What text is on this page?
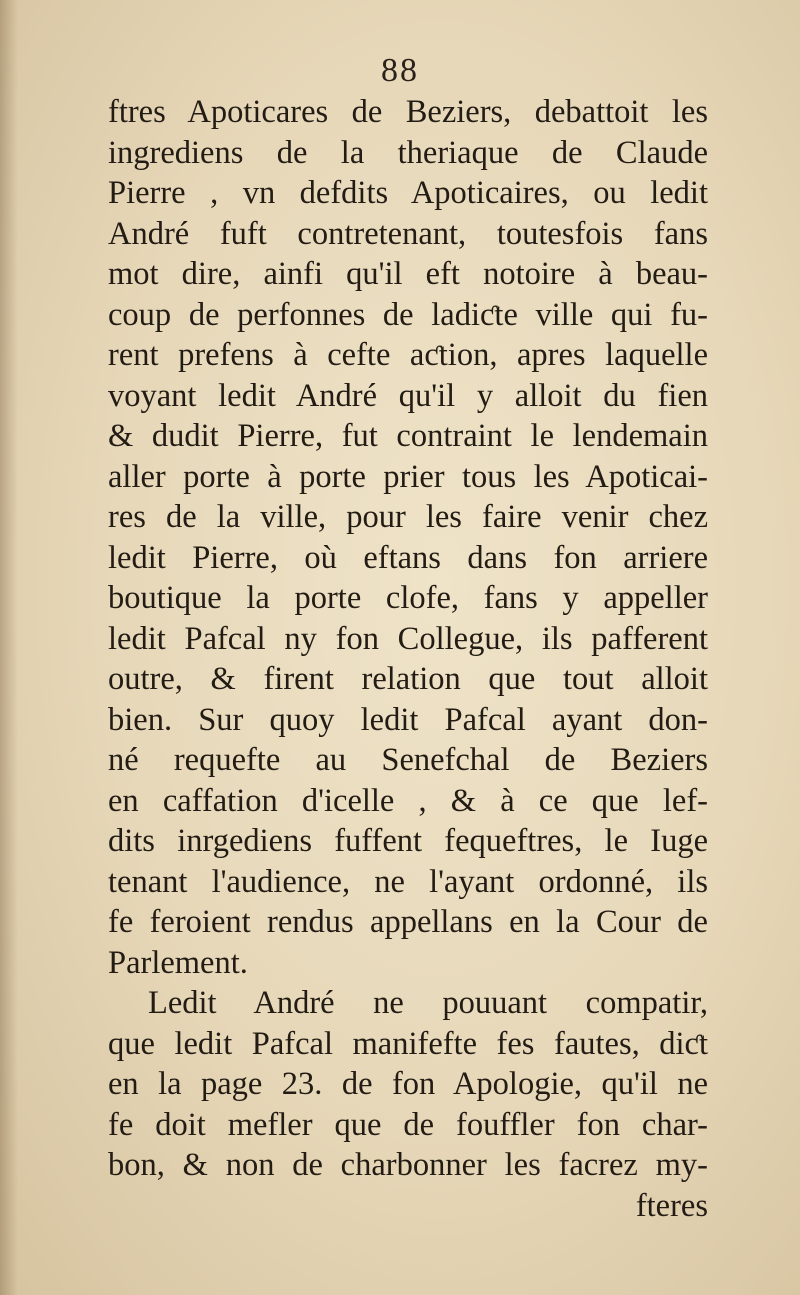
88
ftres Apoticares de Beziers, debattoit les
ingrediens de la theriaque de Claude
Pierre , vn defdits Apoticaires, ou ledit
André fuft contretenant, toutesfois fans
mot dire, ainfi qu'il eft notoire à beau-
coup de perfonnes de ladiƈte ville qui fu-
rent prefens à cefte aƈtion, apres laquelle
voyant ledit André qu'il y alloit du fien
& dudit Pierre, fut contraint le lendemain
aller porte à porte prier tous les Apoticai-
res de la ville, pour les faire venir chez
ledit Pierre, où eftans dans fon arriere
boutique la porte clofe, fans y appeller
ledit Pafcal ny fon Collegue, ils pafferent
outre, & firent relation que tout alloit
bien. Sur quoy ledit Pafcal ayant don-
né requefte au Senefchal de Beziers
en caffation d'icelle , & à ce que lef-
dits inrgediens fuffent fequeftres, le Iuge
tenant l'audience, ne l'ayant ordonné, ils
fe feroient rendus appellans en la Cour de
Parlement.
Ledit André ne pouuant compatir,
que ledit Pafcal manifefte fes fautes, diƈt
en la page 23. de fon Apologie, qu'il ne
fe doit mefler que de fouffler fon char-
bon, & non de charbonner les facrez my-
fteres
